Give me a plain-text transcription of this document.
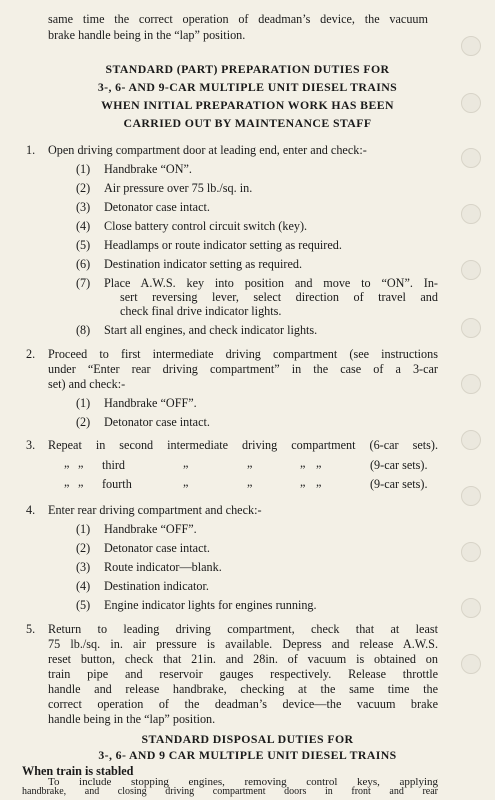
same time the correct operation of deadman’s device, the vacuum
brake handle being in the “lap” position.
STANDARD (PART) PREPARATION DUTIES FOR
3-, 6- AND 9-CAR MULTIPLE UNIT DIESEL TRAINS
WHEN INITIAL PREPARATION WORK HAS BEEN
CARRIED OUT BY MAINTENANCE STAFF
1. Open driving compartment door at leading end, enter and check:-
(1) Handbrake “ON”.
(2) Air pressure over 75 lb./sq. in.
(3) Detonator case intact.
(4) Close battery control circuit switch (key).
(5) Headlamps or route indicator setting as required.
(6) Destination indicator setting as required.
(7) Place A.W.S. key into position and move to “ON”. In-
sert reversing lever, select direction of travel and
check final drive indicator lights.
(8) Start all engines, and check indicator lights.
2. Proceed to first intermediate driving compartment (see instructions
under “Enter rear driving compartment” in the case of a 3-car
set) and check:-
(1) Handbrake “OFF”.
(2) Detonator case intact.
3. Repeat in second intermediate driving compartment (6-car sets).
„ „ third	„	„	„ „	(9-car sets).
„ „ fourth	„	„	„ „	(9-car sets).
4. Enter rear driving compartment and check:-
(1) Handbrake “OFF”.
(2) Detonator case intact.
(3) Route indicator—blank.
(4) Destination indicator.
(5) Engine indicator lights for engines running.
5. Return to leading driving compartment, check that at least
75 lb./sq. in. air pressure is available. Depress and release A.W.S.
reset button, check that 21in. and 28in. of vacuum is obtained on
train pipe and reservoir gauges respectively. Release throttle
handle and release handbrake, checking at the same time the
correct operation of the deadman’s device—the vacuum brake
handle being in the “lap” position.
STANDARD DISPOSAL DUTIES FOR
3-, 6- AND 9 CAR MULTIPLE UNIT DIESEL TRAINS
When train is stabled
To include stopping engines, removing control keys, applying
handbrake, and closing driving compartment doors in front and rear
